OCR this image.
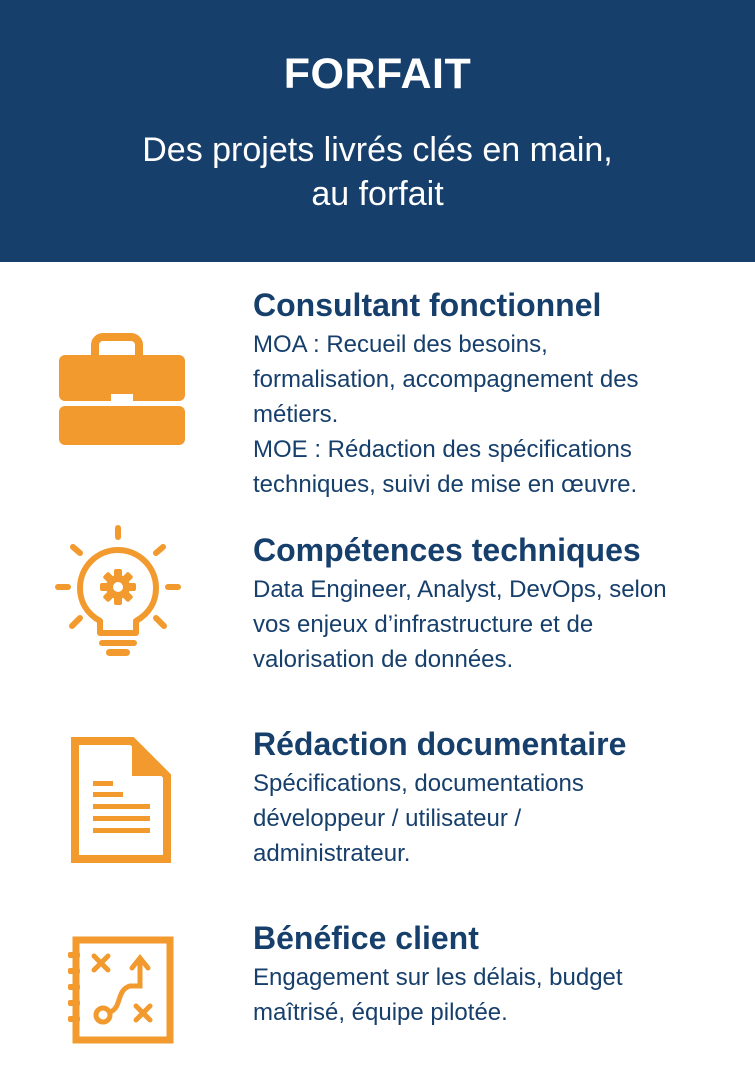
FORFAIT
Des projets livrés clés en main,
au forfait
Consultant fonctionnel
MOA : Recueil des besoins,
formalisation, accompagnement des
métiers.
MOE : Rédaction des spécifications
techniques, suivi de mise en œuvre.
Compétences techniques
Data Engineer, Analyst, DevOps, selon
vos enjeux d’infrastructure et de
valorisation de données.
Rédaction documentaire
Spécifications, documentations
développeur / utilisateur /
administrateur.
Bénéfice client
Engagement sur les délais, budget
maîtrisé, équipe pilotée.
